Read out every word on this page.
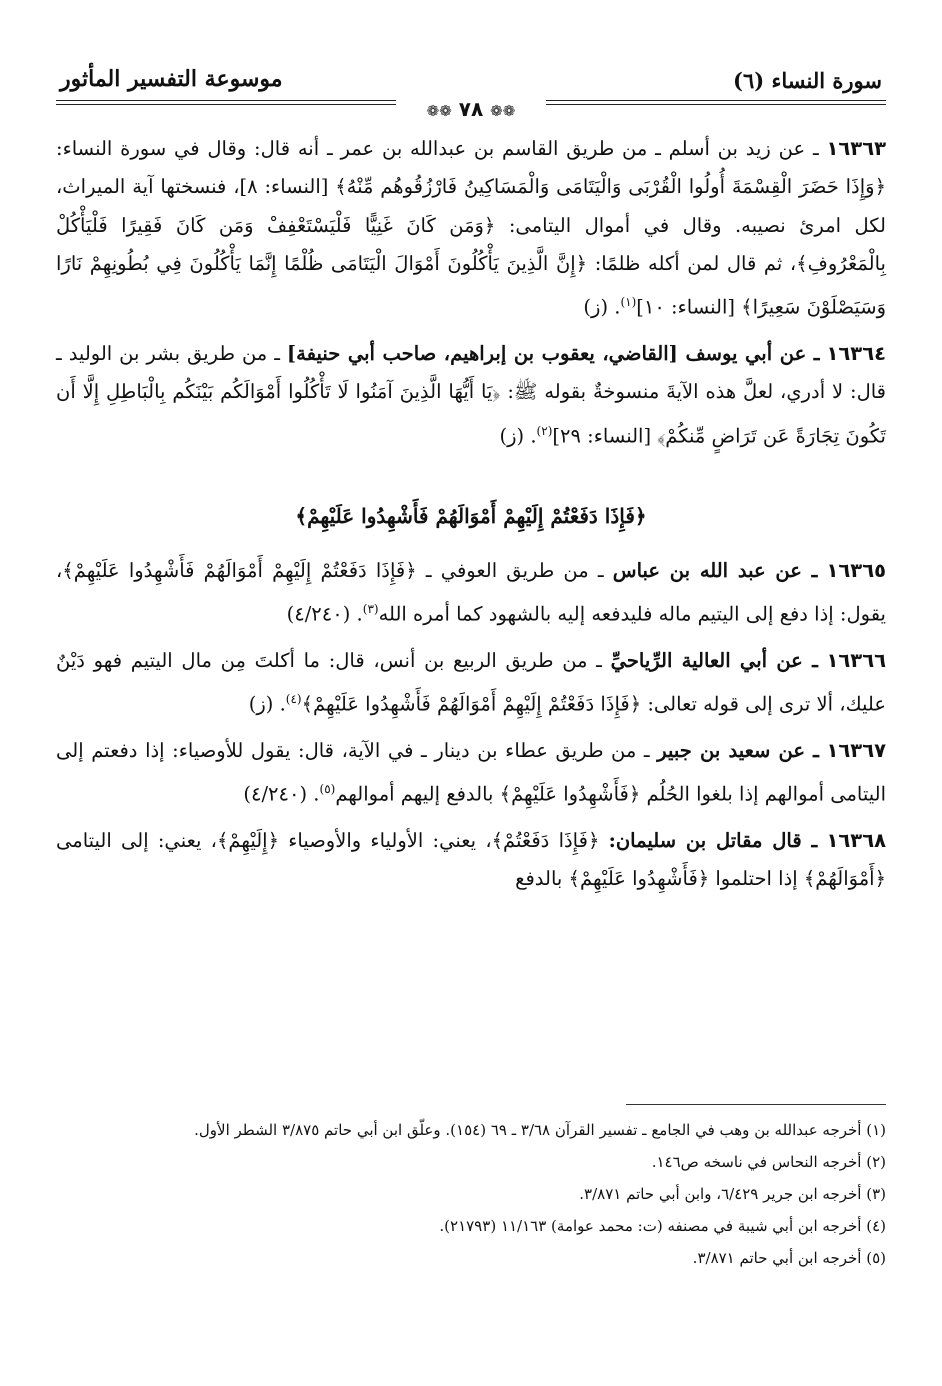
سورة النساء (٦)
موسوعة التفسير المأثور
❁❁ ٧٨ ❁❁

١٦٣٦٣ ـ عن زيد بن أسلم ـ من طريق القاسم بن عبدالله بن عمر ـ أنه قال: وقال في سورة النساء: ﴿وَإِذَا حَضَرَ الْقِسْمَةَ أُولُوا الْقُرْبَى وَالْيَتَامَى وَالْمَسَاكِينُ فَارْزُقُوهُم مِّنْهُ﴾ [النساء: ٨]، فنسختها آية الميراث، لكل امرئ نصيبه. وقال في أموال اليتامى: ﴿وَمَن كَانَ غَنِيًّا فَلْيَسْتَعْفِفْ وَمَن كَانَ فَقِيرًا فَلْيَأْكُلْ بِالْمَعْرُوفِ﴾، ثم قال لمن أكله ظلمًا: ﴿إِنَّ الَّذِينَ يَأْكُلُونَ أَمْوَالَ الْيَتَامَى ظُلْمًا إِنَّمَا يَأْكُلُونَ فِي بُطُونِهِمْ نَارًا وَسَيَصْلَوْنَ سَعِيرًا﴾ [النساء: ١٠]$^{(١)}$. (ز)

١٦٣٦٤ ـ عن أبي يوسف [القاضي، يعقوب بن إبراهيم، صاحب أبي حنيفة] ـ من طريق بشر بن الوليد ـ قال: لا أدري، لعلَّ هذه الآيةَ منسوخةٌ بقوله ﷺ: ﴿يَا أَيُّهَا الَّذِينَ آمَنُوا لَا تَأْكُلُوا أَمْوَالَكُم بَيْنَكُم بِالْبَاطِلِ إِلَّا أَن تَكُونَ تِجَارَةً عَن تَرَاضٍ مِّنكُمْ﴾ [النساء: ٢٩]$^{(٢)}$. (ز)

﴿فَإِذَا دَفَعْتُمْ إِلَيْهِمْ أَمْوَالَهُمْ فَأَشْهِدُوا عَلَيْهِمْ﴾

١٦٣٦٥ ـ عن عبد الله بن عباس ـ من طريق العوفي ـ ﴿فَإِذَا دَفَعْتُمْ إِلَيْهِمْ أَمْوَالَهُمْ فَأَشْهِدُوا عَلَيْهِمْ﴾، يقول: إذا دفع إلى اليتيم ماله فليدفعه إليه بالشهود كما أمره الله$^{(٣)}$. (٤/٢٤٠)

١٦٣٦٦ ـ عن أبي العالية الرِّياحيِّ ـ من طريق الربيع بن أنس، قال: ما أكلتَ مِن مال اليتيم فهو دَيْنٌ عليك، ألا ترى إلى قوله تعالى: ﴿فَإِذَا دَفَعْتُمْ إِلَيْهِمْ أَمْوَالَهُمْ فَأَشْهِدُوا عَلَيْهِمْ﴾$^{(٤)}$. (ز)

١٦٣٦٧ ـ عن سعيد بن جبير ـ من طريق عطاء بن دينار ـ في الآية، قال: يقول للأوصياء: إذا دفعتم إلى اليتامى أموالهم إذا بلغوا الحُلُم ﴿فَأَشْهِدُوا عَلَيْهِمْ﴾ بالدفع إليهم أموالهم$^{(٥)}$. (٤/٢٤٠)

١٦٣٦٨ ـ قال مقاتل بن سليمان: ﴿فَإِذَا دَفَعْتُمْ﴾، يعني: الأولياء والأوصياء ﴿إِلَيْهِمْ﴾، يعني: إلى اليتامى ﴿أَمْوَالَهُمْ﴾ إذا احتلموا ﴿فَأَشْهِدُوا عَلَيْهِمْ﴾ بالدفع

(١) أخرجه عبدالله بن وهب في الجامع ـ تفسير القرآن ٣/٦٨ ـ ٦٩ (١٥٤). وعلّق ابن أبي حاتم ٣/٨٧٥ الشطر الأول.

(٢) أخرجه النحاس في ناسخه ص١٤٦.

(٣) أخرجه ابن جرير ٦/٤٢٩، وابن أبي حاتم ٣/٨٧١.

(٤) أخرجه ابن أبي شيبة في مصنفه (ت: محمد عوامة) ١١/١٦٣ (٢١٧٩٣).

(٥) أخرجه ابن أبي حاتم ٣/٨٧١.
